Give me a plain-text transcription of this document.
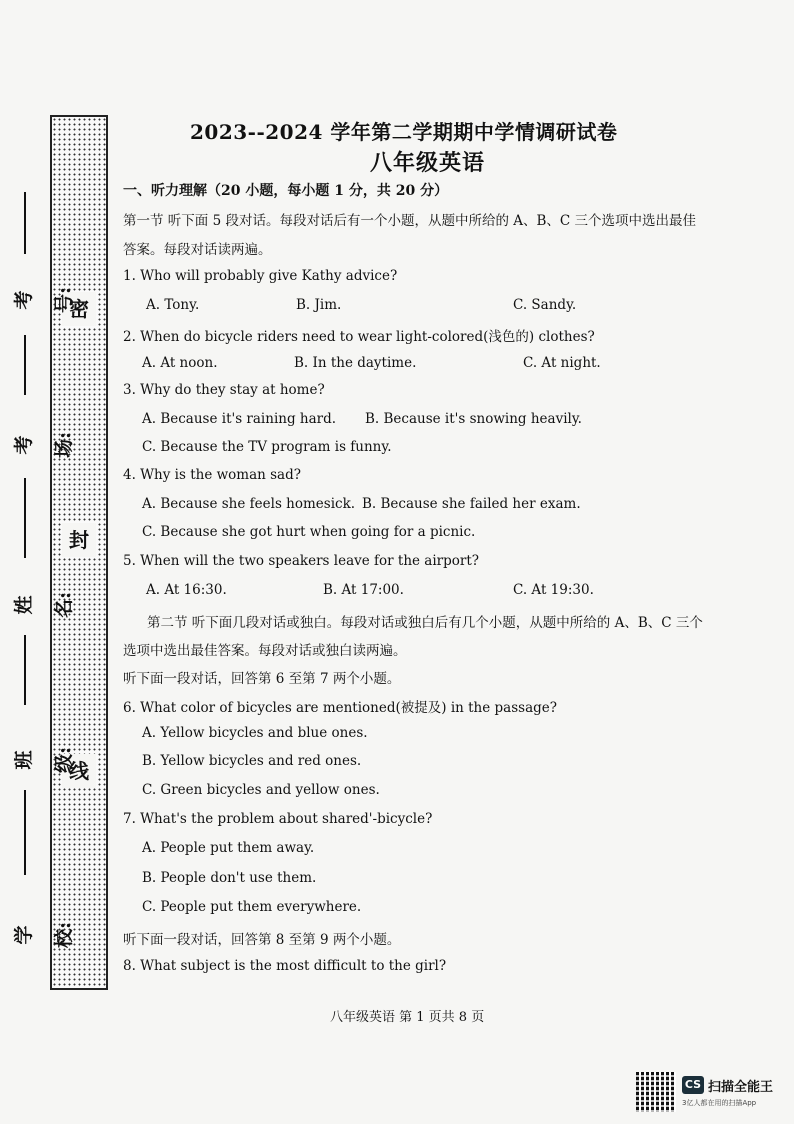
密
封
线
考号:
考场:
姓名:
班级:
学校:
2023--2024 学年第二学期期中学情调研试卷
八年级英语
一、听力理解（20 小题，每小题 1 分，共 20 分）
第一节 听下面 5 段对话。每段对话后有一个小题，从题中所给的 A、B、C 三个选项中选出最佳
答案。每段对话读两遍。
1. Who will probably give Kathy advice?
A. Tony.	B. Jim.	C. Sandy.
2. When do bicycle riders need to wear light-colored(浅色的) clothes?
A. At noon.	B. In the daytime.	C. At night.
3. Why do they stay at home?
A. Because it's raining hard. B. Because it's snowing heavily.
C. Because the TV program is funny.
4. Why is the woman sad?
A. Because she feels homesick. B. Because she failed her exam.
C. Because she got hurt when going for a picnic.
5. When will the two speakers leave for the airport?
A. At 16:30.	B. At 17:00.	C. At 19:30.
第二节 听下面几段对话或独白。每段对话或独白后有几个小题，从题中所给的 A、B、C 三个
选项中选出最佳答案。每段对话或独白读两遍。
听下面一段对话，回答第 6 至第 7 两个小题。
6. What color of bicycles are mentioned(被提及) in the passage?
A. Yellow bicycles and blue ones.
B. Yellow bicycles and red ones.
C. Green bicycles and yellow ones.
7. What's the problem about shared'-bicycle?
A. People put them away.
B. People don't use them.
C. People put them everywhere.
听下面一段对话，回答第 8 至第 9 两个小题。
8. What subject is the most difficult to the girl?
八年级英语 第 1 页共 8 页
CS 扫描全能王
3亿人都在用的扫描App
